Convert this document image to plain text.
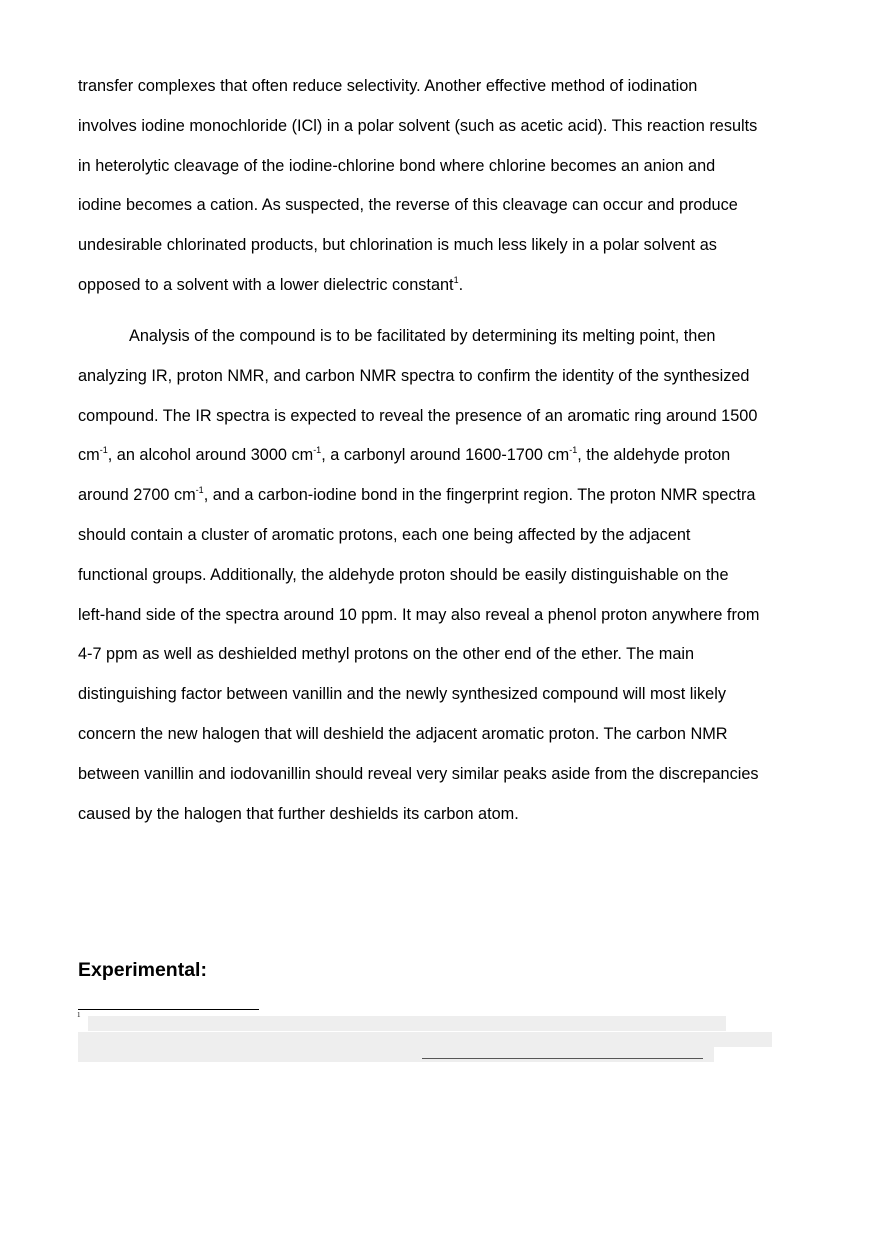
transfer complexes that often reduce selectivity. Another effective method of iodination
involves iodine monochloride (ICl) in a polar solvent (such as acetic acid). This reaction results
in heterolytic cleavage of the iodine-chlorine bond where chlorine becomes an anion and
iodine becomes a cation. As suspected, the reverse of this cleavage can occur and produce
undesirable chlorinated products, but chlorination is much less likely in a polar solvent as
opposed to a solvent with a lower dielectric constant$^1$.

Analysis of the compound is to be facilitated by determining its melting point, then
analyzing IR, proton NMR, and carbon NMR spectra to confirm the identity of the synthesized
compound. The IR spectra is expected to reveal the presence of an aromatic ring around 1500
$cm^{-1}$, an alcohol around 3000 $cm^{-1}$, a carbonyl around 1600-1700 $cm^{-1}$, the aldehyde proton
around 2700 $cm^{-1}$, and a carbon-iodine bond in the fingerprint region. The proton NMR spectra
should contain a cluster of aromatic protons, each one being affected by the adjacent
functional groups. Additionally, the aldehyde proton should be easily distinguishable on the
left-hand side of the spectra around 10 ppm. It may also reveal a phenol proton anywhere from
4-7 ppm as well as deshielded methyl protons on the other end of the ether. The main
distinguishing factor between vanillin and the newly synthesized compound will most likely
concern the new halogen that will deshield the adjacent aromatic proton. The carbon NMR
between vanillin and iodovanillin should reveal very similar peaks aside from the discrepancies
caused by the halogen that further deshields its carbon atom.

Experimental:
1
